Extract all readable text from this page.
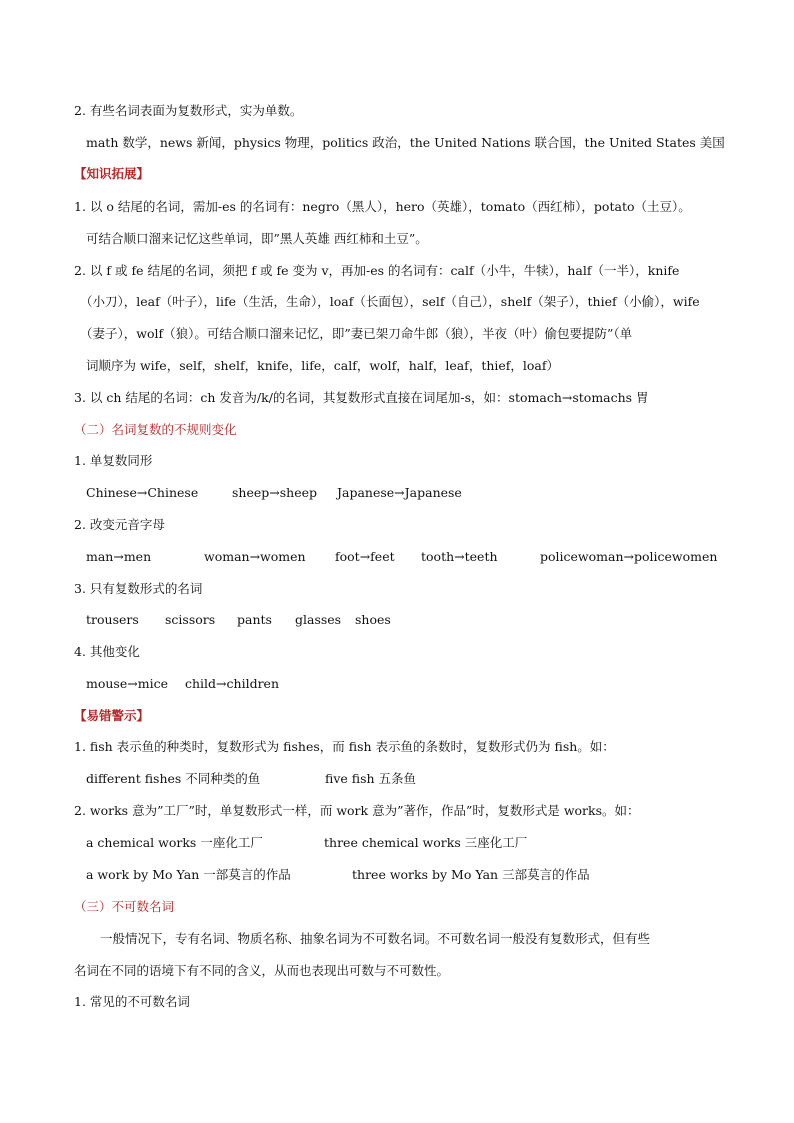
2. 有些名词表面为复数形式，实为单数。
math 数学，news 新闻，physics 物理，politics 政治，the United Nations 联合国，the United States 美国
【知识拓展】
1. 以 o 结尾的名词，需加-es 的名词有：negro（黑人），hero（英雄），tomato（西红柿），potato（土豆）。
可结合顺口溜来记忆这些单词，即”黑人英雄 西红柿和土豆”。
2. 以 f 或 fe 结尾的名词，须把 f 或 fe 变为 v，再加-es 的名词有：calf（小牛，牛犊），half（一半），knife
（小刀），leaf（叶子），life（生活，生命），loaf（长面包），self（自己），shelf（架子），thief（小偷），wife
（妻子），wolf（狼）。可结合顺口溜来记忆，即”妻已架刀命牛郎（狼），半夜（叶）偷包要提防”（单
词顺序为 wife，self，shelf，knife，life，calf，wolf，half，leaf，thief，loaf）
3. 以 ch 结尾的名词：ch 发音为/k/的名词，其复数形式直接在词尾加-s，如：stomach→stomachs 胃
（二）名词复数的不规则变化
1. 单复数同形
Chinese→Chinese	sheep→sheep Japanese→Japanese
2. 改变元音字母
man→men	woman→women foot→feet tooth→teeth	policewoman→policewomen
3. 只有复数形式的名词
trousers scissors pants glasses shoes
4. 其他变化
mouse→mice child→children
【易错警示】
1. fish 表示鱼的种类时，复数形式为 fishes，而 fish 表示鱼的条数时，复数形式仍为 fish。如：
different fishes 不同种类的鱼	five fish 五条鱼
2. works 意为”工厂”时，单复数形式一样，而 work 意为”著作，作品”时，复数形式是 works。如：
a chemical works 一座化工厂	three chemical works 三座化工厂
a work by Mo Yan 一部莫言的作品	three works by Mo Yan 三部莫言的作品
（三）不可数名词
一般情况下，专有名词、物质名称、抽象名词为不可数名词。不可数名词一般没有复数形式，但有些
名词在不同的语境下有不同的含义，从而也表现出可数与不可数性。
1. 常见的不可数名词
